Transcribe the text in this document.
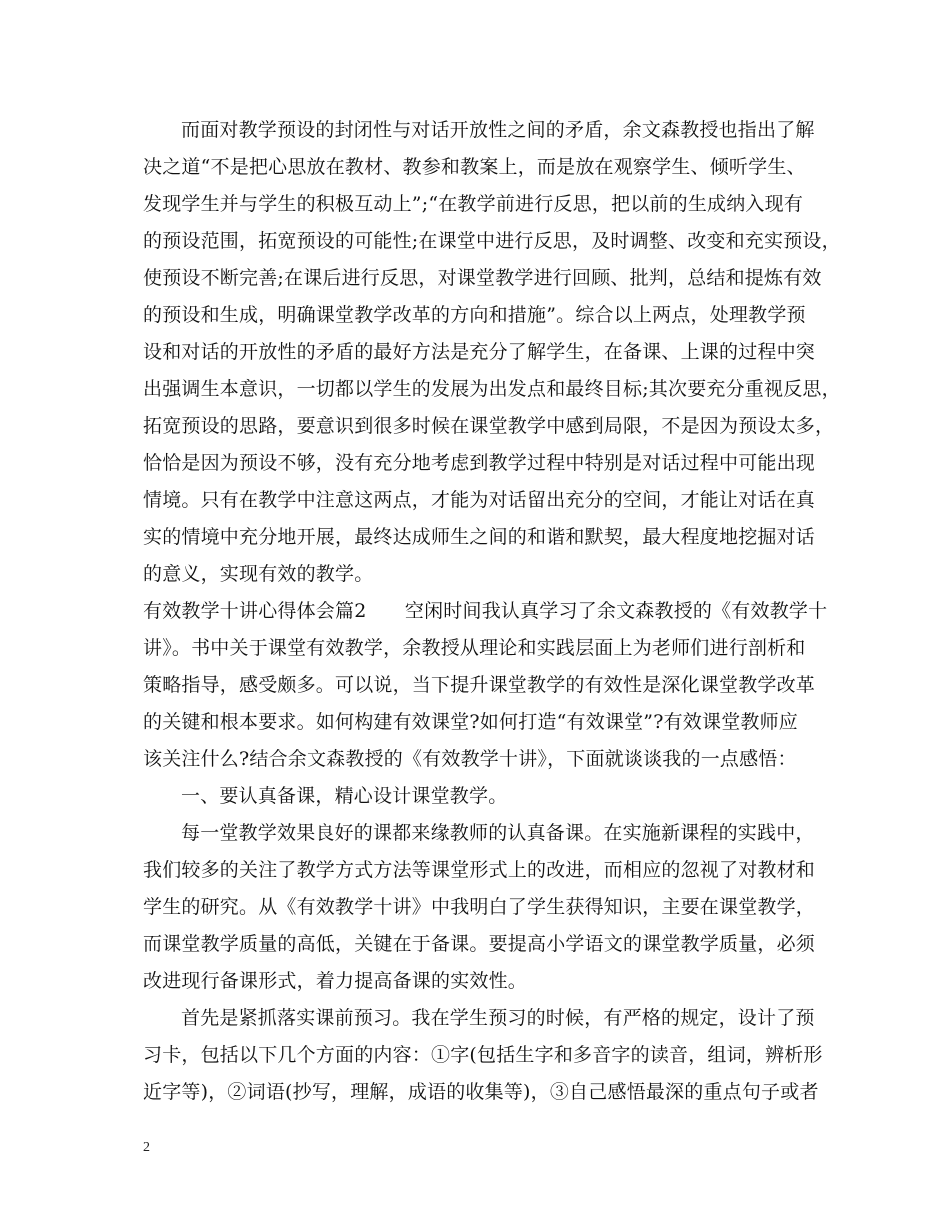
而面对教学预设的封闭性与对话开放性之间的矛盾，余文森教授也指出了解
决之道“不是把心思放在教材、教参和教案上，而是放在观察学生、倾听学生、
发现学生并与学生的积极互动上”;“在教学前进行反思，把以前的生成纳入现有
的预设范围，拓宽预设的可能性;在课堂中进行反思，及时调整、改变和充实预设，
使预设不断完善;在课后进行反思，对课堂教学进行回顾、批判，总结和提炼有效
的预设和生成，明确课堂教学改革的方向和措施”。综合以上两点，处理教学预
设和对话的开放性的矛盾的最好方法是充分了解学生，在备课、上课的过程中突
出强调生本意识，一切都以学生的发展为出发点和最终目标;其次要充分重视反思，
拓宽预设的思路，要意识到很多时候在课堂教学中感到局限，不是因为预设太多，
恰恰是因为预设不够，没有充分地考虑到教学过程中特别是对话过程中可能出现
情境。只有在教学中注意这两点，才能为对话留出充分的空间，才能让对话在真
实的情境中充分地开展，最终达成师生之间的和谐和默契，最大程度地挖掘对话
的意义，实现有效的教学。
有效教学十讲心得体会篇2　　空闲时间我认真学习了余文森教授的《有效教学十
讲》。书中关于课堂有效教学，余教授从理论和实践层面上为老师们进行剖析和
策略指导，感受颇多。可以说，当下提升课堂教学的有效性是深化课堂教学改革
的关键和根本要求。如何构建有效课堂?如何打造“有效课堂”?有效课堂教师应
该关注什么?结合余文森教授的《有效教学十讲》，下面就谈谈我的一点感悟：
一、要认真备课，精心设计课堂教学。
每一堂教学效果良好的课都来缘教师的认真备课。在实施新课程的实践中，
我们较多的关注了教学方式方法等课堂形式上的改进，而相应的忽视了对教材和
学生的研究。从《有效教学十讲》中我明白了学生获得知识，主要在课堂教学，
而课堂教学质量的高低，关键在于备课。要提高小学语文的课堂教学质量，必须
改进现行备课形式，着力提高备课的实效性。
首先是紧抓落实课前预习。我在学生预习的时候，有严格的规定，设计了预
习卡，包括以下几个方面的内容：①字(包括生字和多音字的读音，组词，辨析形
近字等)，②词语(抄写，理解，成语的收集等)，③自己感悟最深的重点句子或者
2
